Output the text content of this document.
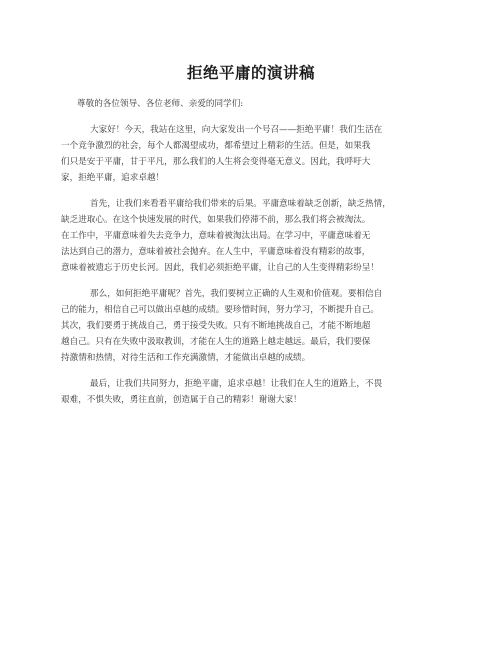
拒绝平庸的演讲稿
尊敬的各位领导、各位老师、亲爱的同学们:
大家好！今天，我站在这里，向大家发出一个号召——拒绝平庸！我们生活在
一个竞争激烈的社会，每个人都渴望成功，都希望过上精彩的生活。但是，如果我
们只是安于平庸，甘于平凡，那么我们的人生将会变得毫无意义。因此，我呼吁大
家，拒绝平庸，追求卓越！
首先，让我们来看看平庸给我们带来的后果。平庸意味着缺乏创新，缺乏热情，
缺乏进取心。在这个快速发展的时代，如果我们停滞不前，那么我们将会被淘汰。
在工作中，平庸意味着失去竞争力，意味着被淘汰出局。在学习中，平庸意味着无
法达到自己的潜力，意味着被社会抛弃。在人生中，平庸意味着没有精彩的故事，
意味着被遗忘于历史长河。因此，我们必须拒绝平庸，让自己的人生变得精彩纷呈！
那么，如何拒绝平庸呢？首先，我们要树立正确的人生观和价值观。要相信自
己的能力，相信自己可以做出卓越的成绩。要珍惜时间，努力学习，不断提升自己。
其次，我们要勇于挑战自己，勇于接受失败。只有不断地挑战自己，才能不断地超
越自己。只有在失败中汲取教训，才能在人生的道路上越走越远。最后，我们要保
持激情和热情，对待生活和工作充满激情，才能做出卓越的成绩。
最后，让我们共同努力，拒绝平庸，追求卓越！让我们在人生的道路上，不畏
艰难，不惧失败，勇往直前，创造属于自己的精彩！谢谢大家！
